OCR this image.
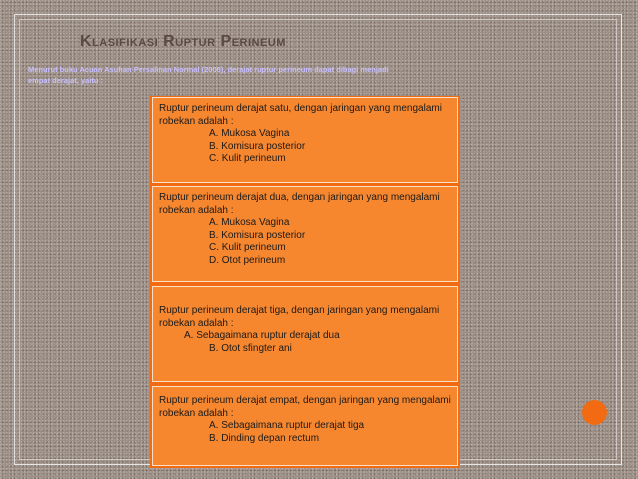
Klasifikasi Ruptur Perineum
Menurut buku Acuan Asuhan Persalinan Normal (2008), derajat ruptur perineum dapat dibagi menjadi
empat derajat, yaitu :

Ruptur perineum derajat satu, dengan jaringan yang mengalami robekan adalah :

A. Mukosa Vagina
B. Komisura posterior
C. Kulit perineum

Ruptur perineum derajat dua, dengan jaringan yang mengalami robekan adalah :

A. Mukosa Vagina
B. Komisura posterior
C. Kulit perineum
D. Otot perineum

Ruptur perineum derajat tiga, dengan jaringan yang mengalami robekan adalah :

A. Sebagaimana ruptur derajat dua
B. Otot sfingter ani

Ruptur perineum derajat empat, dengan jaringan yang mengalami robekan adalah :

A. Sebagaimana ruptur derajat tiga
B. Dinding depan rectum
